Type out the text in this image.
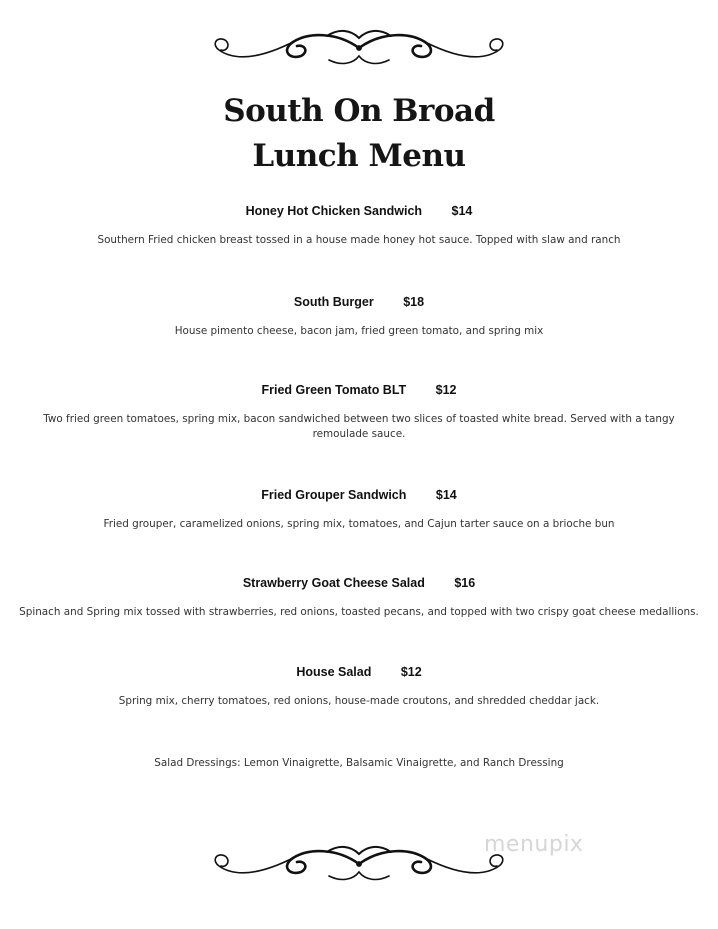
South On Broad
Lunch Menu
Honey Hot Chicken Sandwich $14
Southern Fried chicken breast tossed in a house made honey hot sauce. Topped with slaw and ranch
South Burger $18
House pimento cheese, bacon jam, fried green tomato, and spring mix
Fried Green Tomato BLT $12
Two fried green tomatoes, spring mix, bacon sandwiched between two slices of toasted white bread. Served with a tangy remoulade sauce.
Fried Grouper Sandwich $14
Fried grouper, caramelized onions, spring mix, tomatoes, and Cajun tarter sauce on a brioche bun
Strawberry Goat Cheese Salad $16
Spinach and Spring mix tossed with strawberries, red onions, toasted pecans, and topped with two crispy goat cheese medallions.
House Salad $12
Spring mix, cherry tomatoes, red onions, house-made croutons, and shredded cheddar jack.
Salad Dressings: Lemon Vinaigrette, Balsamic Vinaigrette, and Ranch Dressing
menupix
